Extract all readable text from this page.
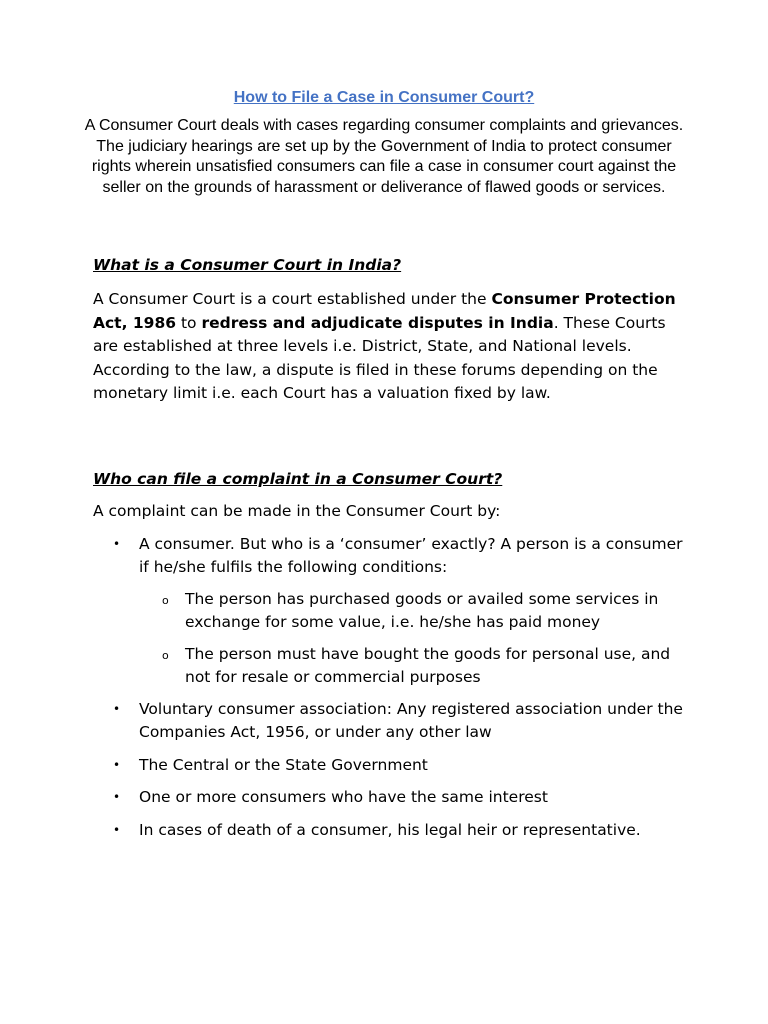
How to File a Case in Consumer Court?

A Consumer Court deals with cases regarding consumer complaints and grievances. The judiciary hearings are set up by the Government of India to protect consumer rights wherein unsatisfied consumers can file a case in consumer court against the seller on the grounds of harassment or deliverance of flawed goods or services.

What is a Consumer Court in India?

A Consumer Court is a court established under the Consumer Protection Act, 1986 to redress and adjudicate disputes in India. These Courts are established at three levels i.e. District, State, and National levels. According to the law, a dispute is filed in these forums depending on the monetary limit i.e. each Court has a valuation fixed by law.

Who can file a complaint in a Consumer Court?

A complaint can be made in the Consumer Court by:

• A consumer. But who is a ‘consumer’ exactly? A person is a consumer if he/she fulfils the following conditions:
o The person has purchased goods or availed some services in exchange for some value, i.e. he/she has paid money
o The person must have bought the goods for personal use, and not for resale or commercial purposes
• Voluntary consumer association: Any registered association under the Companies Act, 1956, or under any other law
• The Central or the State Government
• One or more consumers who have the same interest
• In cases of death of a consumer, his legal heir or representative.
